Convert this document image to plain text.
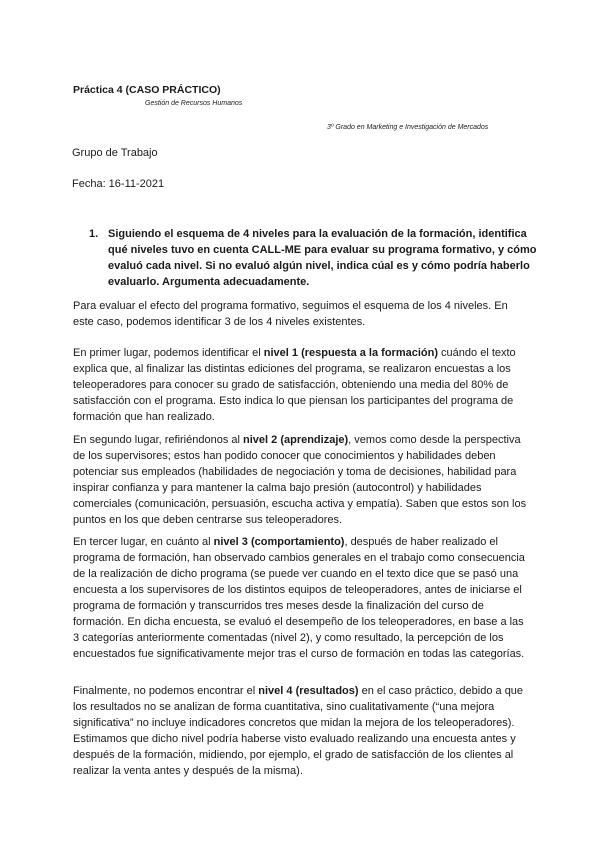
Práctica 4 (CASO PRÁCTICO)

Gestión de Recursos Humanos

3º Grado en Marketing e Investigación de Mercados

Grupo de Trabajo

Fecha: 16-11-2021

1. Siguiendo el esquema de 4 niveles para la evaluación de la formación, identifica qué niveles tuvo en cuenta CALL-ME para evaluar su programa formativo, y cómo evaluó cada nivel. Si no evaluó algún nivel, indica cúal es y cómo podría haberlo evaluarlo. Argumenta adecuadamente.

Para evaluar el efecto del programa formativo, seguimos el esquema de los 4 niveles. En este caso, podemos identificar 3 de los 4 niveles existentes.

En primer lugar, podemos identificar el nivel 1 (respuesta a la formación) cuándo el texto explica que, al finalizar las distintas ediciones del programa, se realizaron encuestas a los teleoperadores para conocer su grado de satisfacción, obteniendo una media del 80% de satisfacción con el programa. Esto indica lo que piensan los participantes del programa de formación que han realizado.

En segundo lugar, refiriéndonos al nivel 2 (aprendizaje), vemos como desde la perspectiva de los supervisores; estos han podido conocer que conocimientos y habilidades deben potenciar sus empleados (habilidades de negociación y toma de decisiones, habilidad para inspirar confianza y para mantener la calma bajo presión (autocontrol) y habilidades comerciales (comunicación, persuasión, escucha activa y empatía). Saben que estos son los puntos en los que deben centrarse sus teleoperadores.

En tercer lugar, en cuánto al nivel 3 (comportamiento), después de haber realizado el programa de formación, han observado cambios generales en el trabajo como consecuencia de la realización de dicho programa (se puede ver cuando en el texto dice que se pasó una encuesta a los supervisores de los distintos equipos de teleoperadores, antes de iniciarse el programa de formación y transcurridos tres meses desde la finalización del curso de formación. En dicha encuesta, se evaluó el desempeño de los teleoperadores, en base a las 3 categorías anteriormente comentadas (nivel 2), y como resultado, la percepción de los encuestados fue significativamente mejor tras el curso de formación en todas las categorías.

Finalmente, no podemos encontrar el nivel 4 (resultados) en el caso práctico, debido a que los resultados no se analizan de forma cuantitativa, sino cualitativamente (“una mejora significativa” no incluye indicadores concretos que midan la mejora de los teleoperadores). Estimamos que dicho nivel podría haberse visto evaluado realizando una encuesta antes y después de la formación, midiendo, por ejemplo, el grado de satisfacción de los clientes al realizar la venta antes y después de la misma).
